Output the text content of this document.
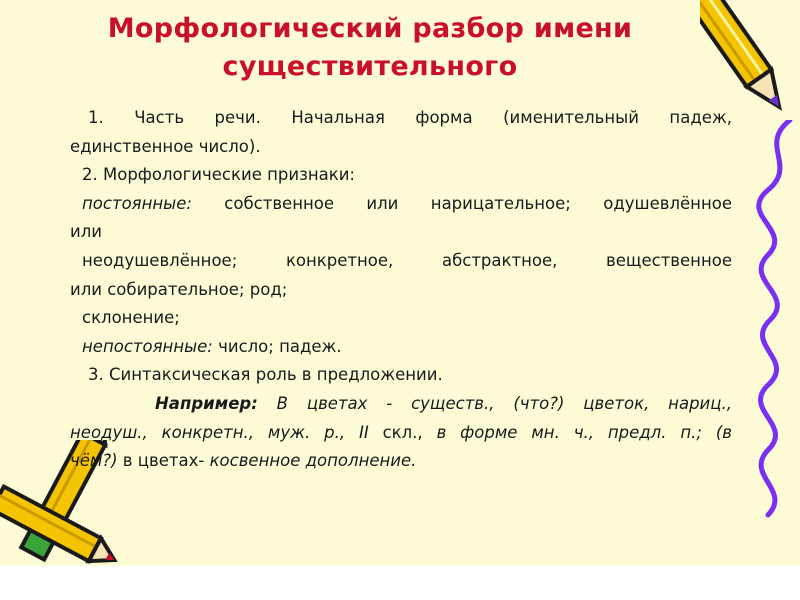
Морфологический разбор имени
существительного
1. Часть речи. Начальная форма (именительный падеж,
единственное число).
2. Морфологические признаки:
постоянные: собственное или нарицательное; одушевлённое
или
неодушевлённое; конкретное, абстрактное, вещественное
или собирательное; род;
склонение;
непостоянные: число; падеж.
3. Синтаксическая роль в предложении.
Например: В цветах - существ., (что?) цветок, нариц.,
неодуш., конкретн., муж. р., II скл., в форме мн. ч., предл. п.; (в
чём?) в цветах- косвенное дополнение.
